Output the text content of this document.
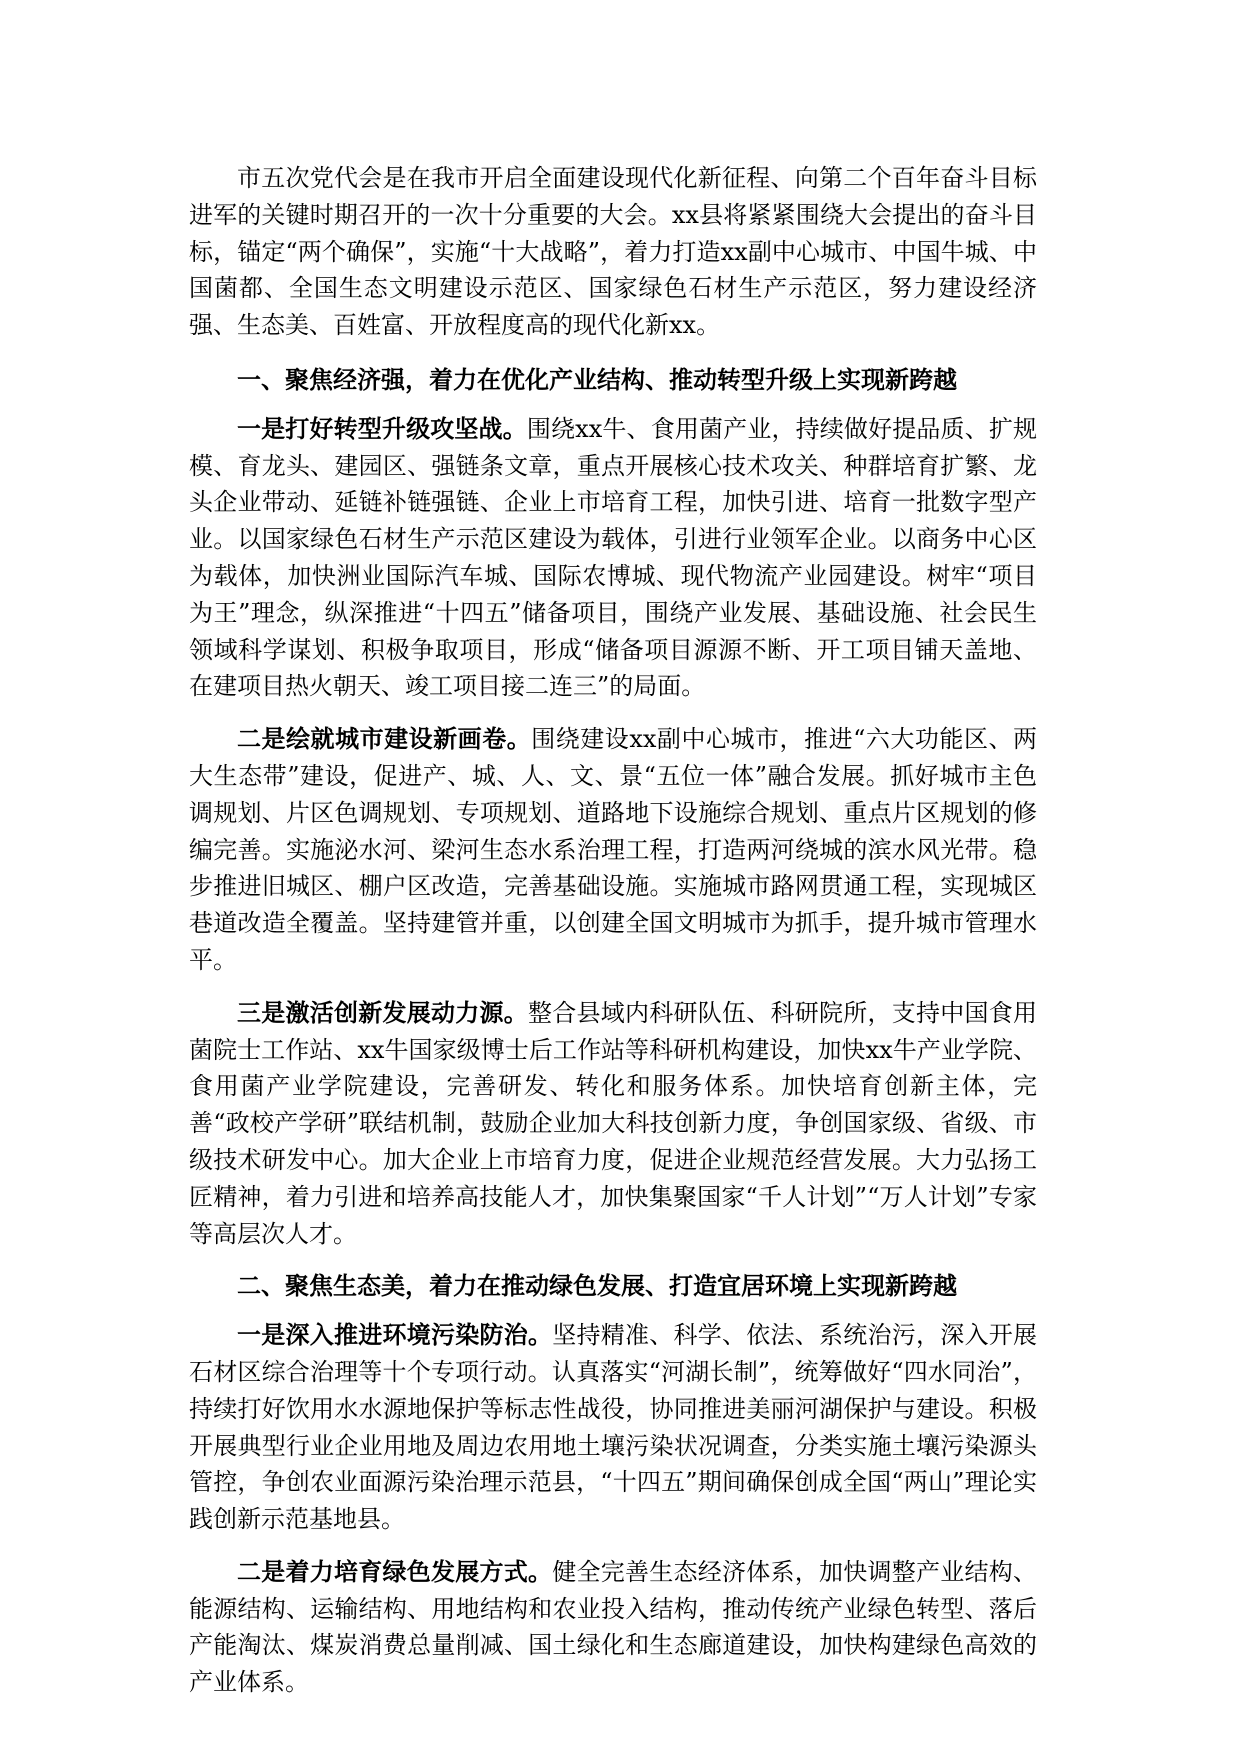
市五次党代会是在我市开启全面建设现代化新征程、向第二个百年奋斗目标进军的关键时期召开的一次十分重要的大会。xx县将紧紧围绕大会提出的奋斗目标，锚定“两个确保”，实施“十大战略”，着力打造xx副中心城市、中国牛城、中国菌都、全国生态文明建设示范区、国家绿色石材生产示范区，努力建设经济强、生态美、百姓富、开放程度高的现代化新xx。

一、聚焦经济强，着力在优化产业结构、推动转型升级上实现新跨越

一是打好转型升级攻坚战。围绕xx牛、食用菌产业，持续做好提品质、扩规模、育龙头、建园区、强链条文章，重点开展核心技术攻关、种群培育扩繁、龙头企业带动、延链补链强链、企业上市培育工程，加快引进、培育一批数字型产业。以国家绿色石材生产示范区建设为载体，引进行业领军企业。以商务中心区为载体，加快洲业国际汽车城、国际农博城、现代物流产业园建设。树牢“项目为王”理念，纵深推进“十四五”储备项目，围绕产业发展、基础设施、社会民生领域科学谋划、积极争取项目，形成“储备项目源源不断、开工项目铺天盖地、在建项目热火朝天、竣工项目接二连三”的局面。

二是绘就城市建设新画卷。围绕建设xx副中心城市，推进“六大功能区、两大生态带”建设，促进产、城、人、文、景“五位一体”融合发展。抓好城市主色调规划、片区色调规划、专项规划、道路地下设施综合规划、重点片区规划的修编完善。实施泌水河、梁河生态水系治理工程，打造两河绕城的滨水风光带。稳步推进旧城区、棚户区改造，完善基础设施。实施城市路网贯通工程，实现城区巷道改造全覆盖。坚持建管并重，以创建全国文明城市为抓手，提升城市管理水平。

三是激活创新发展动力源。整合县域内科研队伍、科研院所，支持中国食用菌院士工作站、xx牛国家级博士后工作站等科研机构建设，加快xx牛产业学院、食用菌产业学院建设，完善研发、转化和服务体系。加快培育创新主体，完善“政校产学研”联结机制，鼓励企业加大科技创新力度，争创国家级、省级、市级技术研发中心。加大企业上市培育力度，促进企业规范经营发展。大力弘扬工匠精神，着力引进和培养高技能人才，加快集聚国家“千人计划”“万人计划”专家等高层次人才。

二、聚焦生态美，着力在推动绿色发展、打造宜居环境上实现新跨越

一是深入推进环境污染防治。坚持精准、科学、依法、系统治污，深入开展石材区综合治理等十个专项行动。认真落实“河湖长制”，统筹做好“四水同治”，持续打好饮用水水源地保护等标志性战役，协同推进美丽河湖保护与建设。积极开展典型行业企业用地及周边农用地土壤污染状况调查，分类实施土壤污染源头管控，争创农业面源污染治理示范县，“十四五”期间确保创成全国“两山”理论实践创新示范基地县。

二是着力培育绿色发展方式。健全完善生态经济体系，加快调整产业结构、能源结构、运输结构、用地结构和农业投入结构，推动传统产业绿色转型、落后产能淘汰、煤炭消费总量削减、国土绿化和生态廊道建设，加快构建绿色高效的产业体系。
